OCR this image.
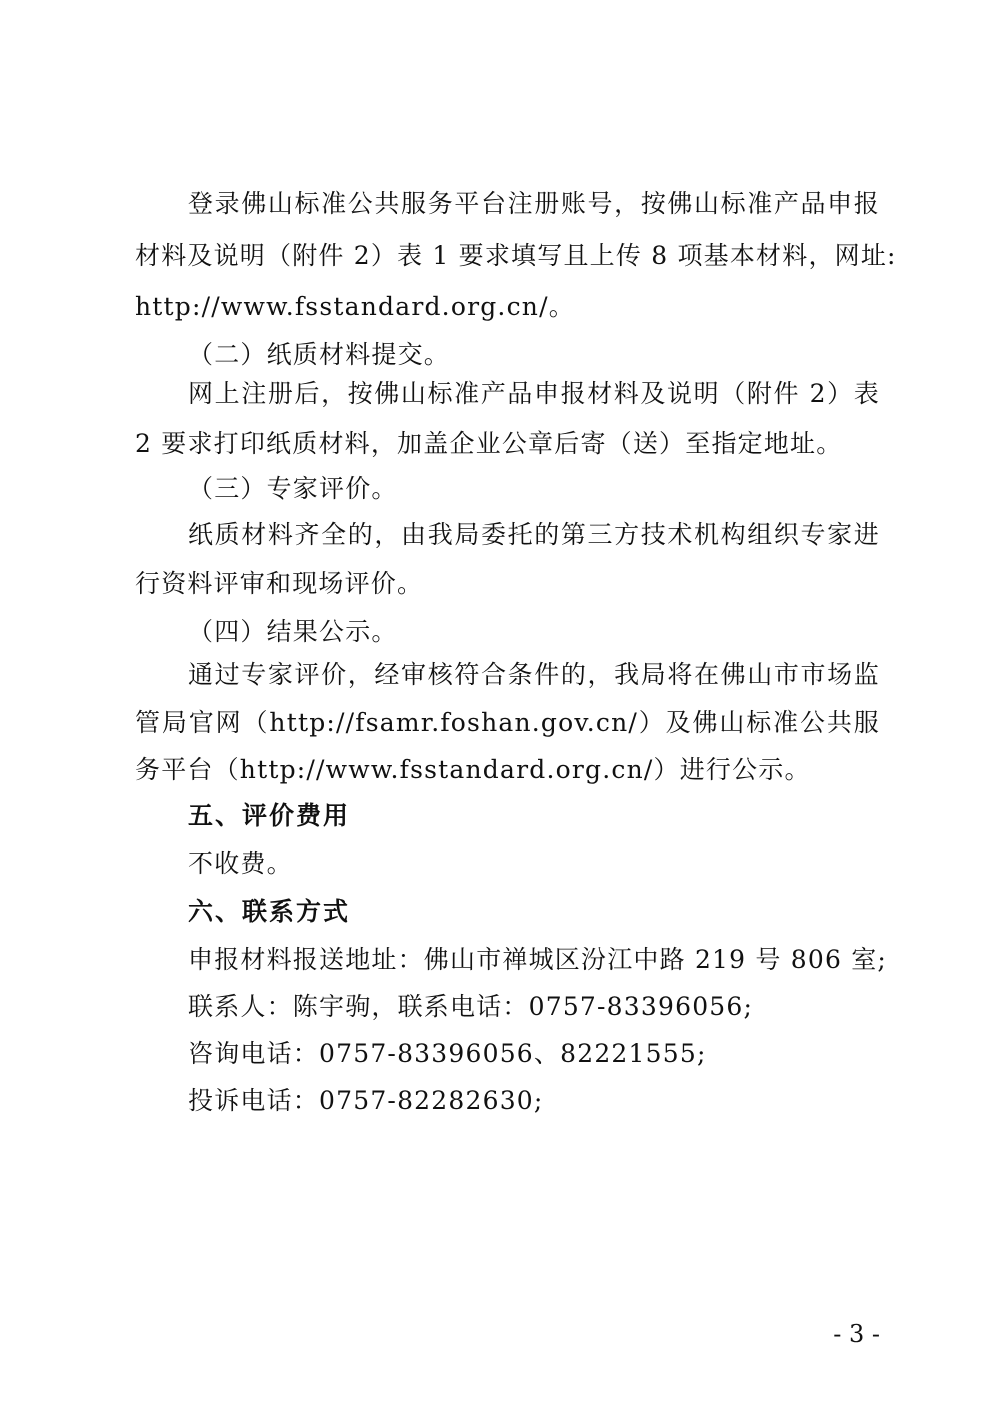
登录佛山标准公共服务平台注册账号，按佛山标准产品申报
材料及说明（附件 2）表 1 要求填写且上传 8 项基本材料，网址:
http://www.fsstandard.org.cn/。
（二）纸质材料提交。
网上注册后，按佛山标准产品申报材料及说明（附件 2）表
2 要求打印纸质材料，加盖企业公章后寄（送）至指定地址。
（三）专家评价。
纸质材料齐全的，由我局委托的第三方技术机构组织专家进
行资料评审和现场评价。
（四）结果公示。
通过专家评价，经审核符合条件的，我局将在佛山市市场监
管局官网（http://fsamr.foshan.gov.cn/）及佛山标准公共服
务平台（http://www.fsstandard.org.cn/）进行公示。
五、评价费用
不收费。
六、联系方式
申报材料报送地址：佛山市禅城区汾江中路 219 号 806 室;
联系人：陈宇驹，联系电话：0757-83396056;
咨询电话：0757-83396056、82221555;
投诉电话：0757-82282630;
- 3 -
